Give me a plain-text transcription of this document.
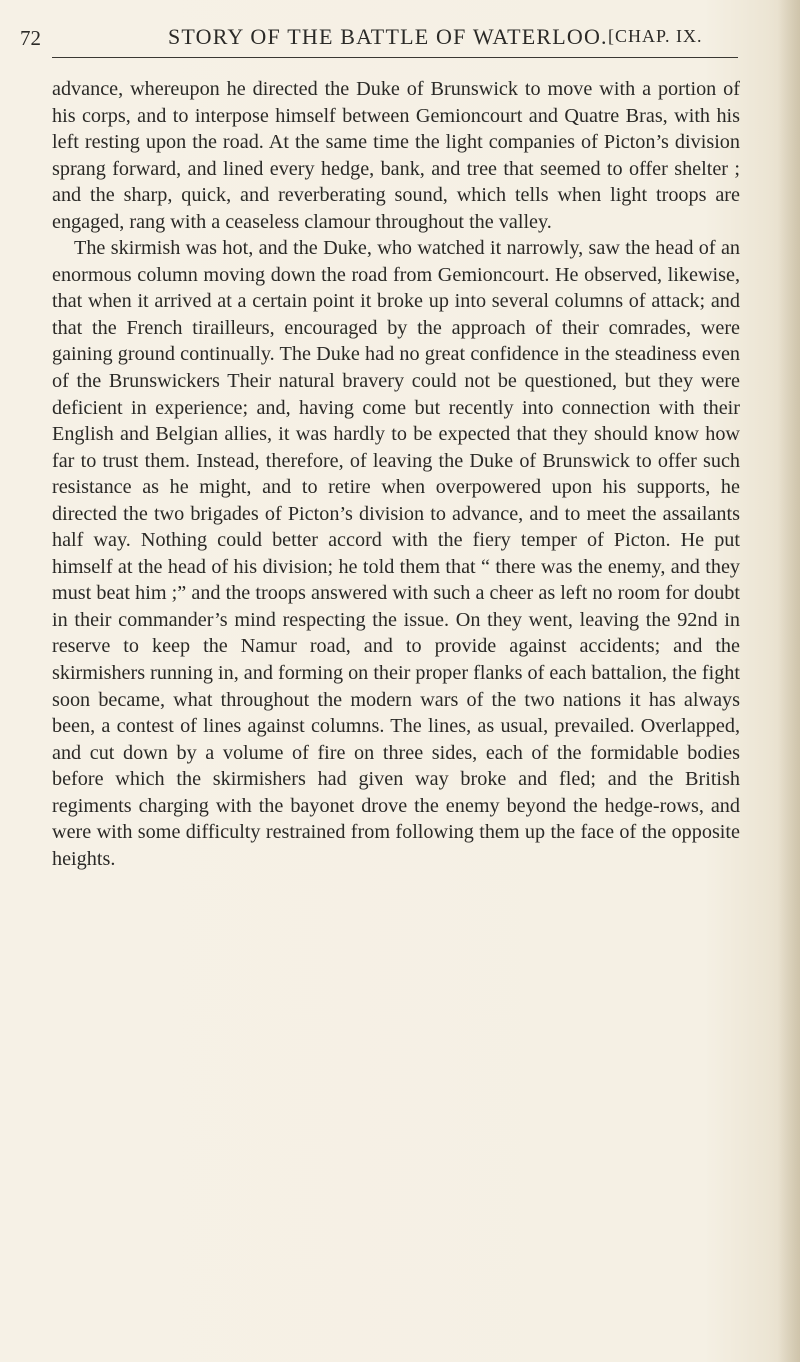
72	STORY OF THE BATTLE OF WATERLOO. [CHAP. IX.

advance, whereupon he directed the Duke of Brunswick to move with a portion of his corps, and to interpose himself between Gemioncourt and Quatre Bras, with his left resting upon the road. At the same time the light companies of Picton’s division sprang forward, and lined every hedge, bank, and tree that seemed to offer shelter ; and the sharp, quick, and reverberating sound, which tells when light troops are engaged, rang with a ceaseless clamour throughout the valley.

The skirmish was hot, and the Duke, who watched it narrowly, saw the head of an enormous column moving down the road from Gemioncourt. He observed, likewise, that when it arrived at a certain point it broke up into several columns of attack; and that the French tirailleurs, encouraged by the approach of their comrades, were gaining ground continually. The Duke had no great confidence in the steadiness even of the Brunswickers Their natural bravery could not be questioned, but they were deficient in experience; and, having come but recently into connection with their English and Belgian allies, it was hardly to be expected that they should know how far to trust them. Instead, therefore, of leaving the Duke of Brunswick to offer such resistance as he might, and to retire when overpowered upon his supports, he directed the two brigades of Picton’s division to advance, and to meet the assailants half way. Nothing could better accord with the fiery temper of Picton. He put himself at the head of his division; he told them that “ there was the enemy, and they must beat him ;” and the troops answered with such a cheer as left no room for doubt in their commander’s mind respecting the issue. On they went, leaving the 92nd in reserve to keep the Namur road, and to provide against accidents; and the skirmishers running in, and forming on their proper flanks of each battalion, the fight soon became, what throughout the modern wars of the two nations it has always been, a contest of lines against columns. The lines, as usual, prevailed. Overlapped, and cut down by a volume of fire on three sides, each of the formidable bodies before which the skirmishers had given way broke and fled; and the British regiments charging with the bayonet drove the enemy beyond the hedge-rows, and were with some difficulty restrained from following them up the face of the opposite heights.
